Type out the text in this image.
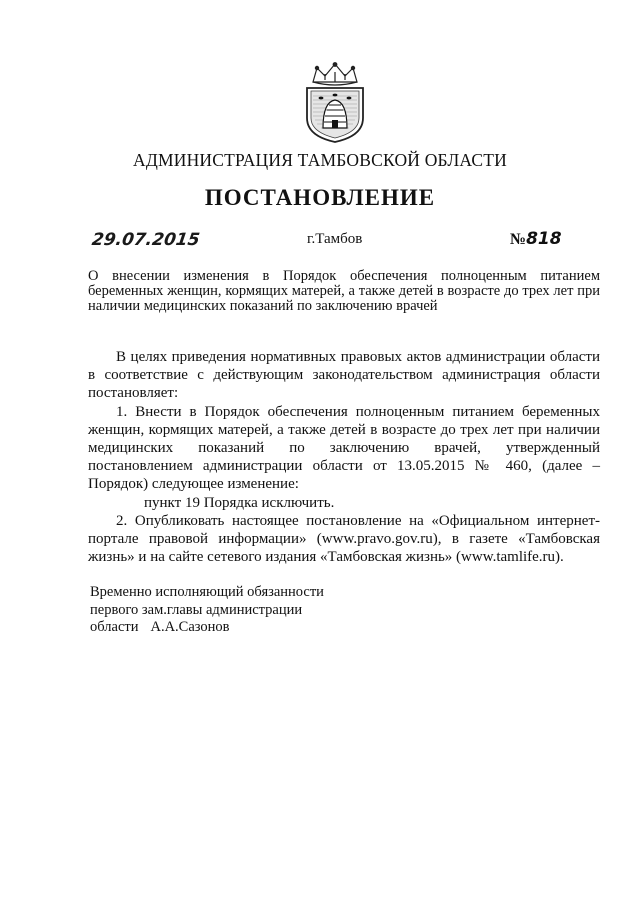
АДМИНИСТРАЦИЯ ТАМБОВСКОЙ ОБЛАСТИ
ПОСТАНОВЛЕНИЕ
29.07.2015	г.Тамбов	№818
О внесении изменения в Порядок обеспечения полноценным питанием беременных женщин, кормящих матерей, а также детей в возрасте до трех лет при наличии медицинских показаний по заключению врачей

В целях приведения нормативных правовых актов администрации области в соответствие с действующим законодательством администрация области постановляет:

1. Внести в Порядок обеспечения полноценным питанием беременных женщин, кормящих матерей, а также детей в возрасте до трех лет при наличии медицинских показаний по заключению врачей, утвержденный постановлением администрации области от 13.05.2015 № 460, (далее – Порядок) следующее изменение:

пункт 19 Порядка исключить.

2. Опубликовать настоящее постановление на «Официальном интернет-портале правовой информации» (www.pravo.gov.ru), в газете «Тамбовская жизнь» и на сайте сетевого издания «Тамбовская жизнь» (www.tamlife.ru).

Временно исполняющий обязанности
первого зам.главы администрации
области А.А.Сазонов
